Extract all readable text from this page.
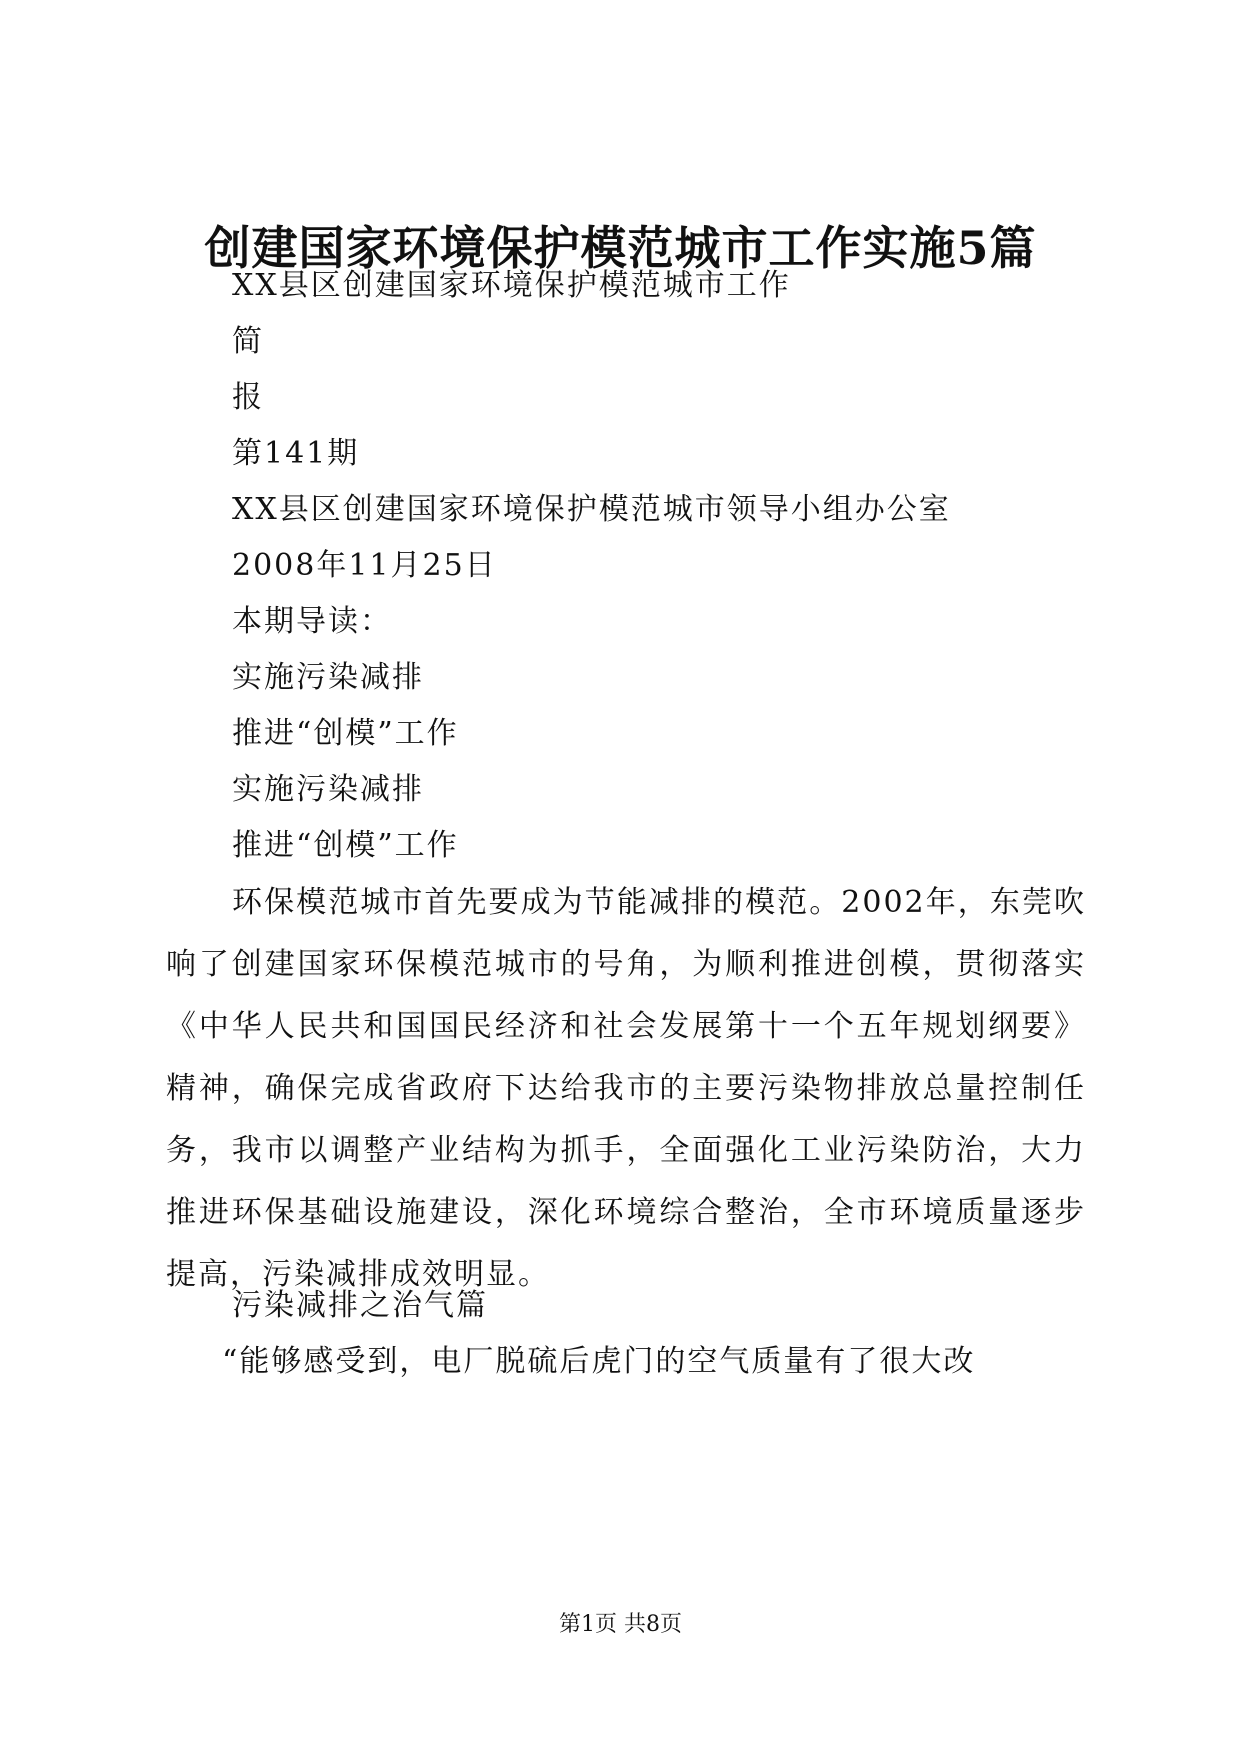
创建国家环境保护模范城市工作实施5篇
XX县区创建国家环境保护模范城市工作
简
报
第141期
XX县区创建国家环境保护模范城市领导小组办公室
2008年11月25日
本期导读：
实施污染减排
推进“创模”工作
实施污染减排
推进“创模”工作
环保模范城市首先要成为节能减排的模范。2002年，东莞吹响了创建国家环保模范城市的号角，为顺利推进创模，贯彻落实《中华人民共和国国民经济和社会发展第十一个五年规划纲要》精神，确保完成省政府下达给我市的主要污染物排放总量控制任务，我市以调整产业结构为抓手，全面强化工业污染防治，大力推进环保基础设施建设，深化环境综合整治，全市环境质量逐步提高，污染减排成效明显。
污染减排之治气篇
“能够感受到，电厂脱硫后虎门的空气质量有了很大改
第1页 共8页
